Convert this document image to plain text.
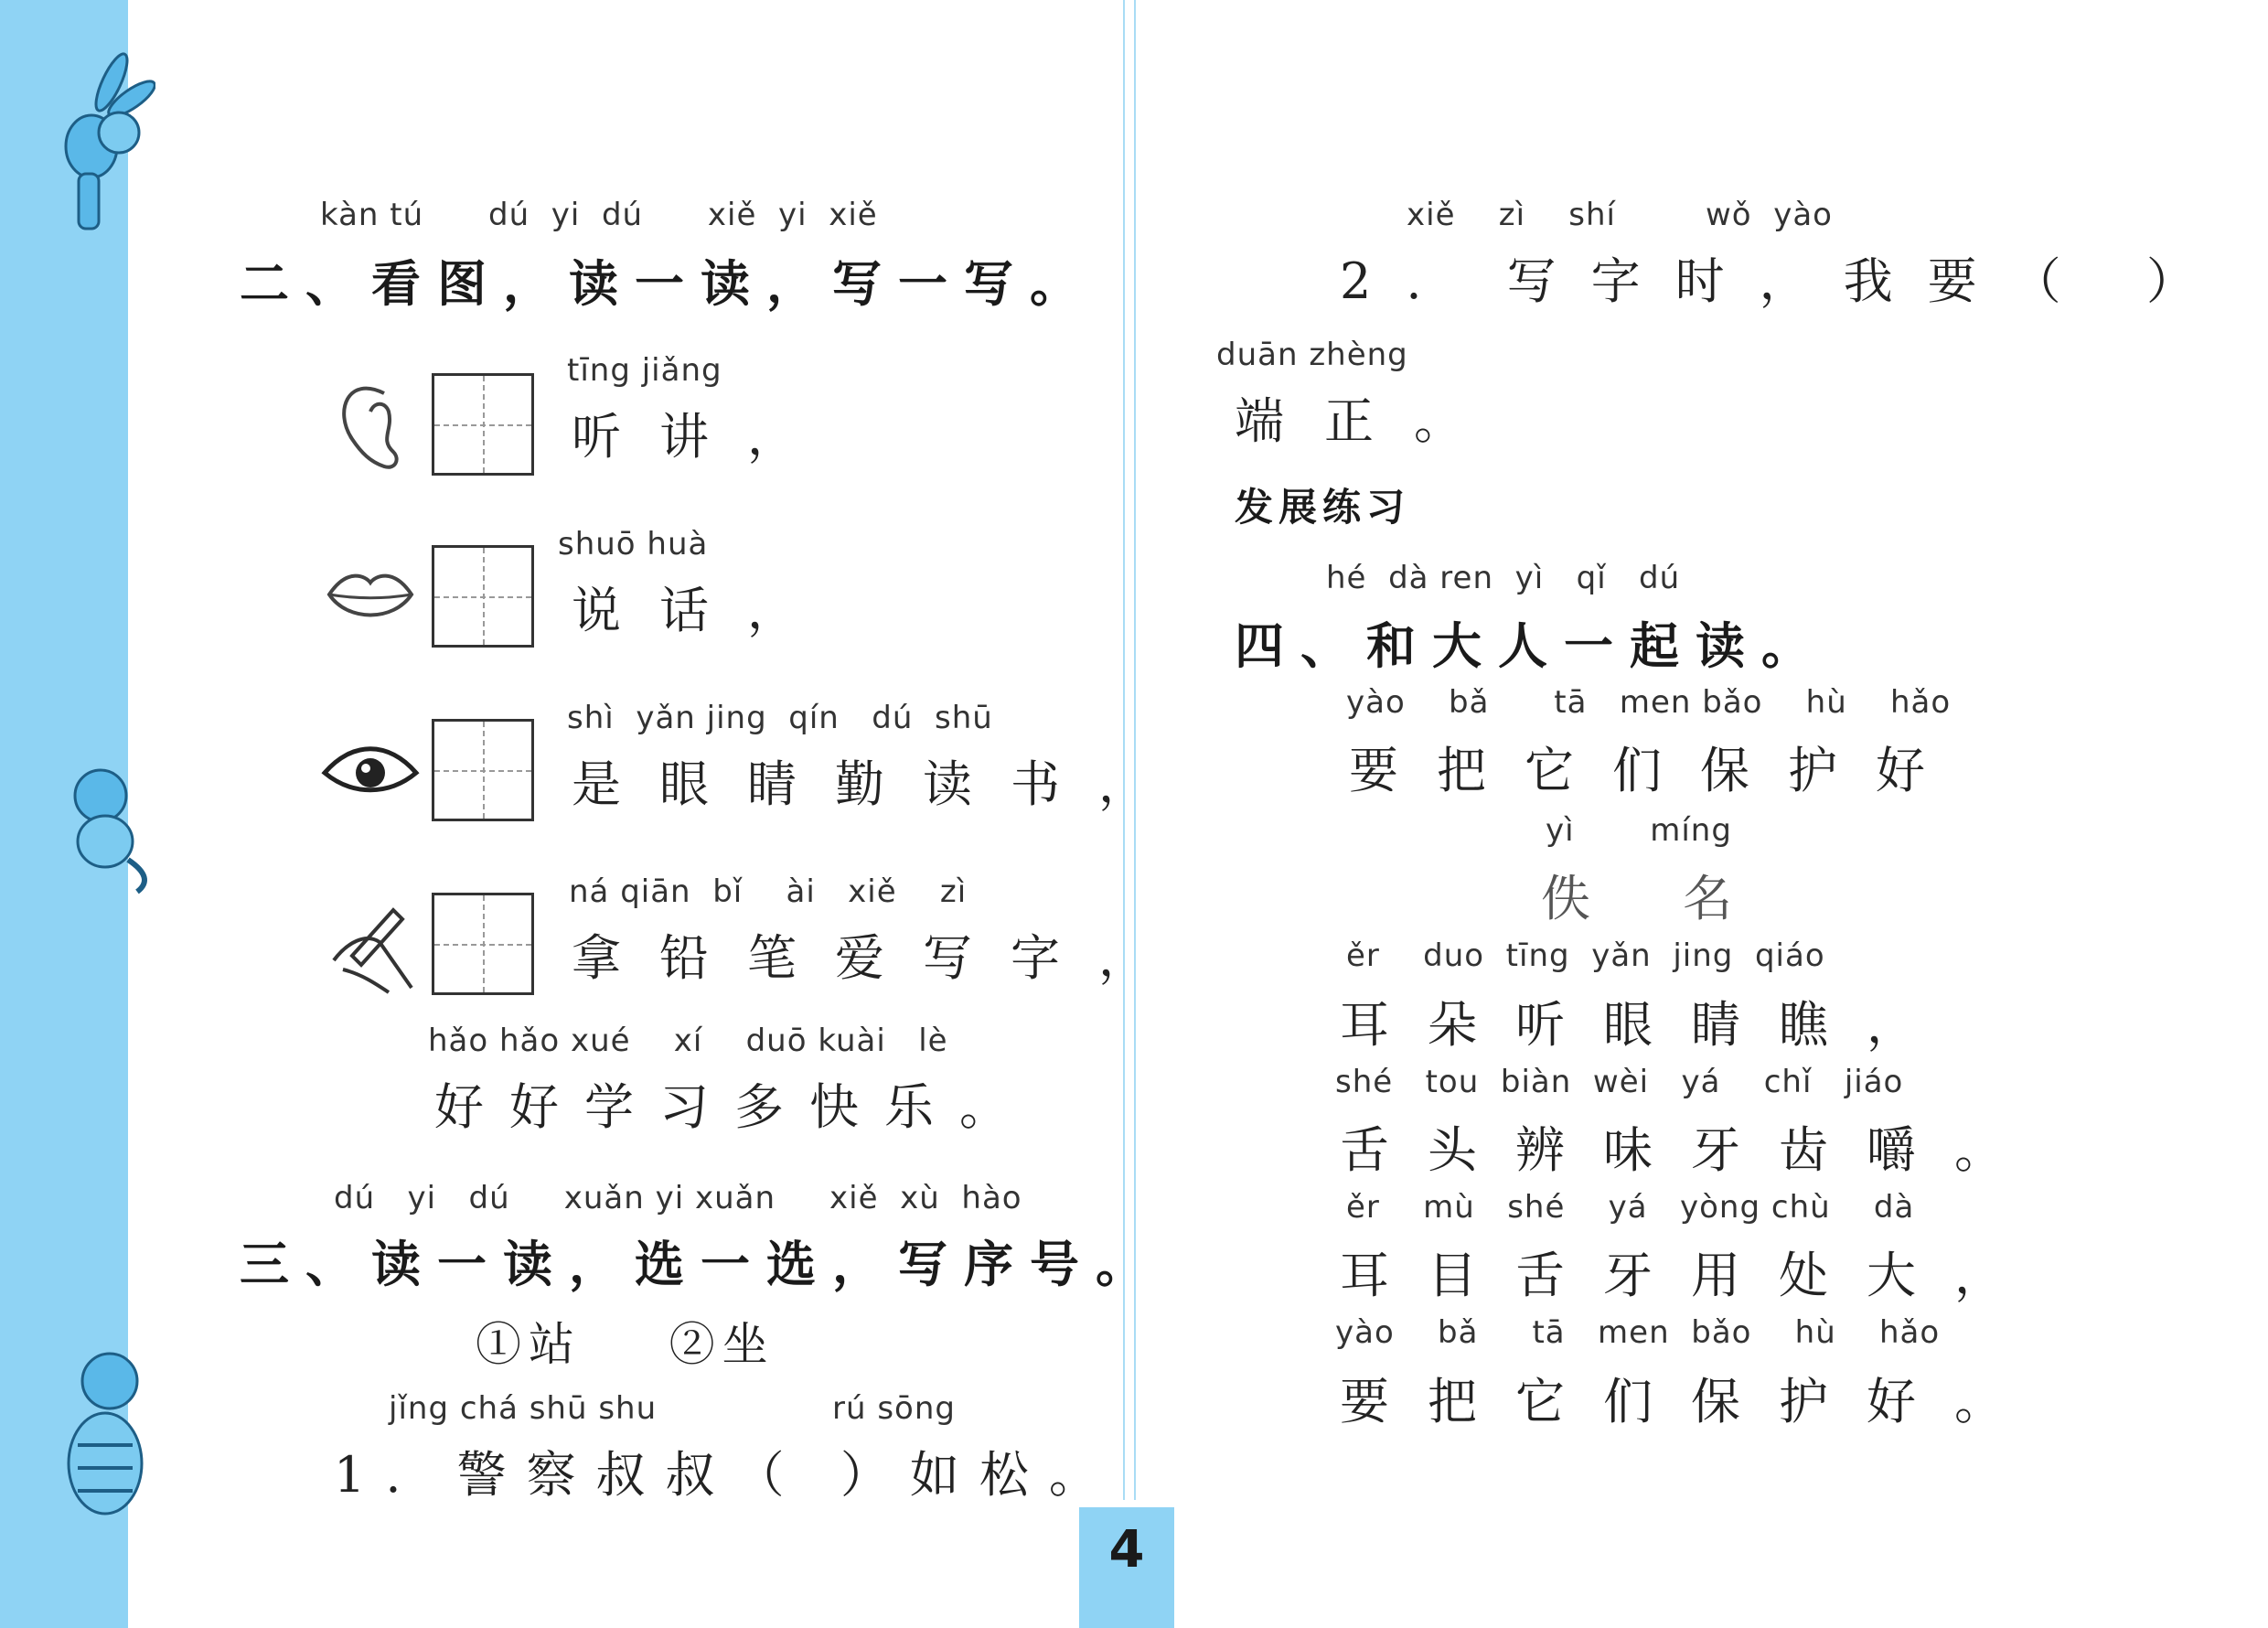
4
kàn tú      dú  yi  dú      xiě  yi  xiě
二、看图，读一读，写一写。
tīng jiǎng
听讲，
shuō huà
说话，
shì  yǎn jing  qín   dú  shū
是眼睛勤读书，
ná qiān  bǐ    ài   xiě    zì
拿铅笔爱写字，
hǎo hǎo xué    xí    duō kuài   lè
好好学习多快乐。
dú   yi   dú     xuǎn yi xuǎn     xiě  xù  hào
三、读一读，选一选，写序号。
①站    ②坐
jǐng chá shū shu	rú sōng
1. 警察叔叔（ ）如松。
xiě    zì    shí	wǒ  yào
2. 写字时，我要（ ）
duān zhèng
端正。
发展练习
hé  dà ren  yì   qǐ   dú
四、和大人一起读。
yào    bǎ      tā   men bǎo    hù    hǎo
要把它们保护好
yì       míng
佚 名
ěr    duo  tīng  yǎn  jing  qiáo
耳朵听眼睛瞧，
shé   tou  biàn  wèi   yá    chǐ   jiáo
舌头辨味牙齿嚼。
ěr    mù   shé    yá   yòng chù    dà
耳目舌牙用处大，
yào    bǎ     tā   men  bǎo    hù    hǎo
要把它们保护好。
